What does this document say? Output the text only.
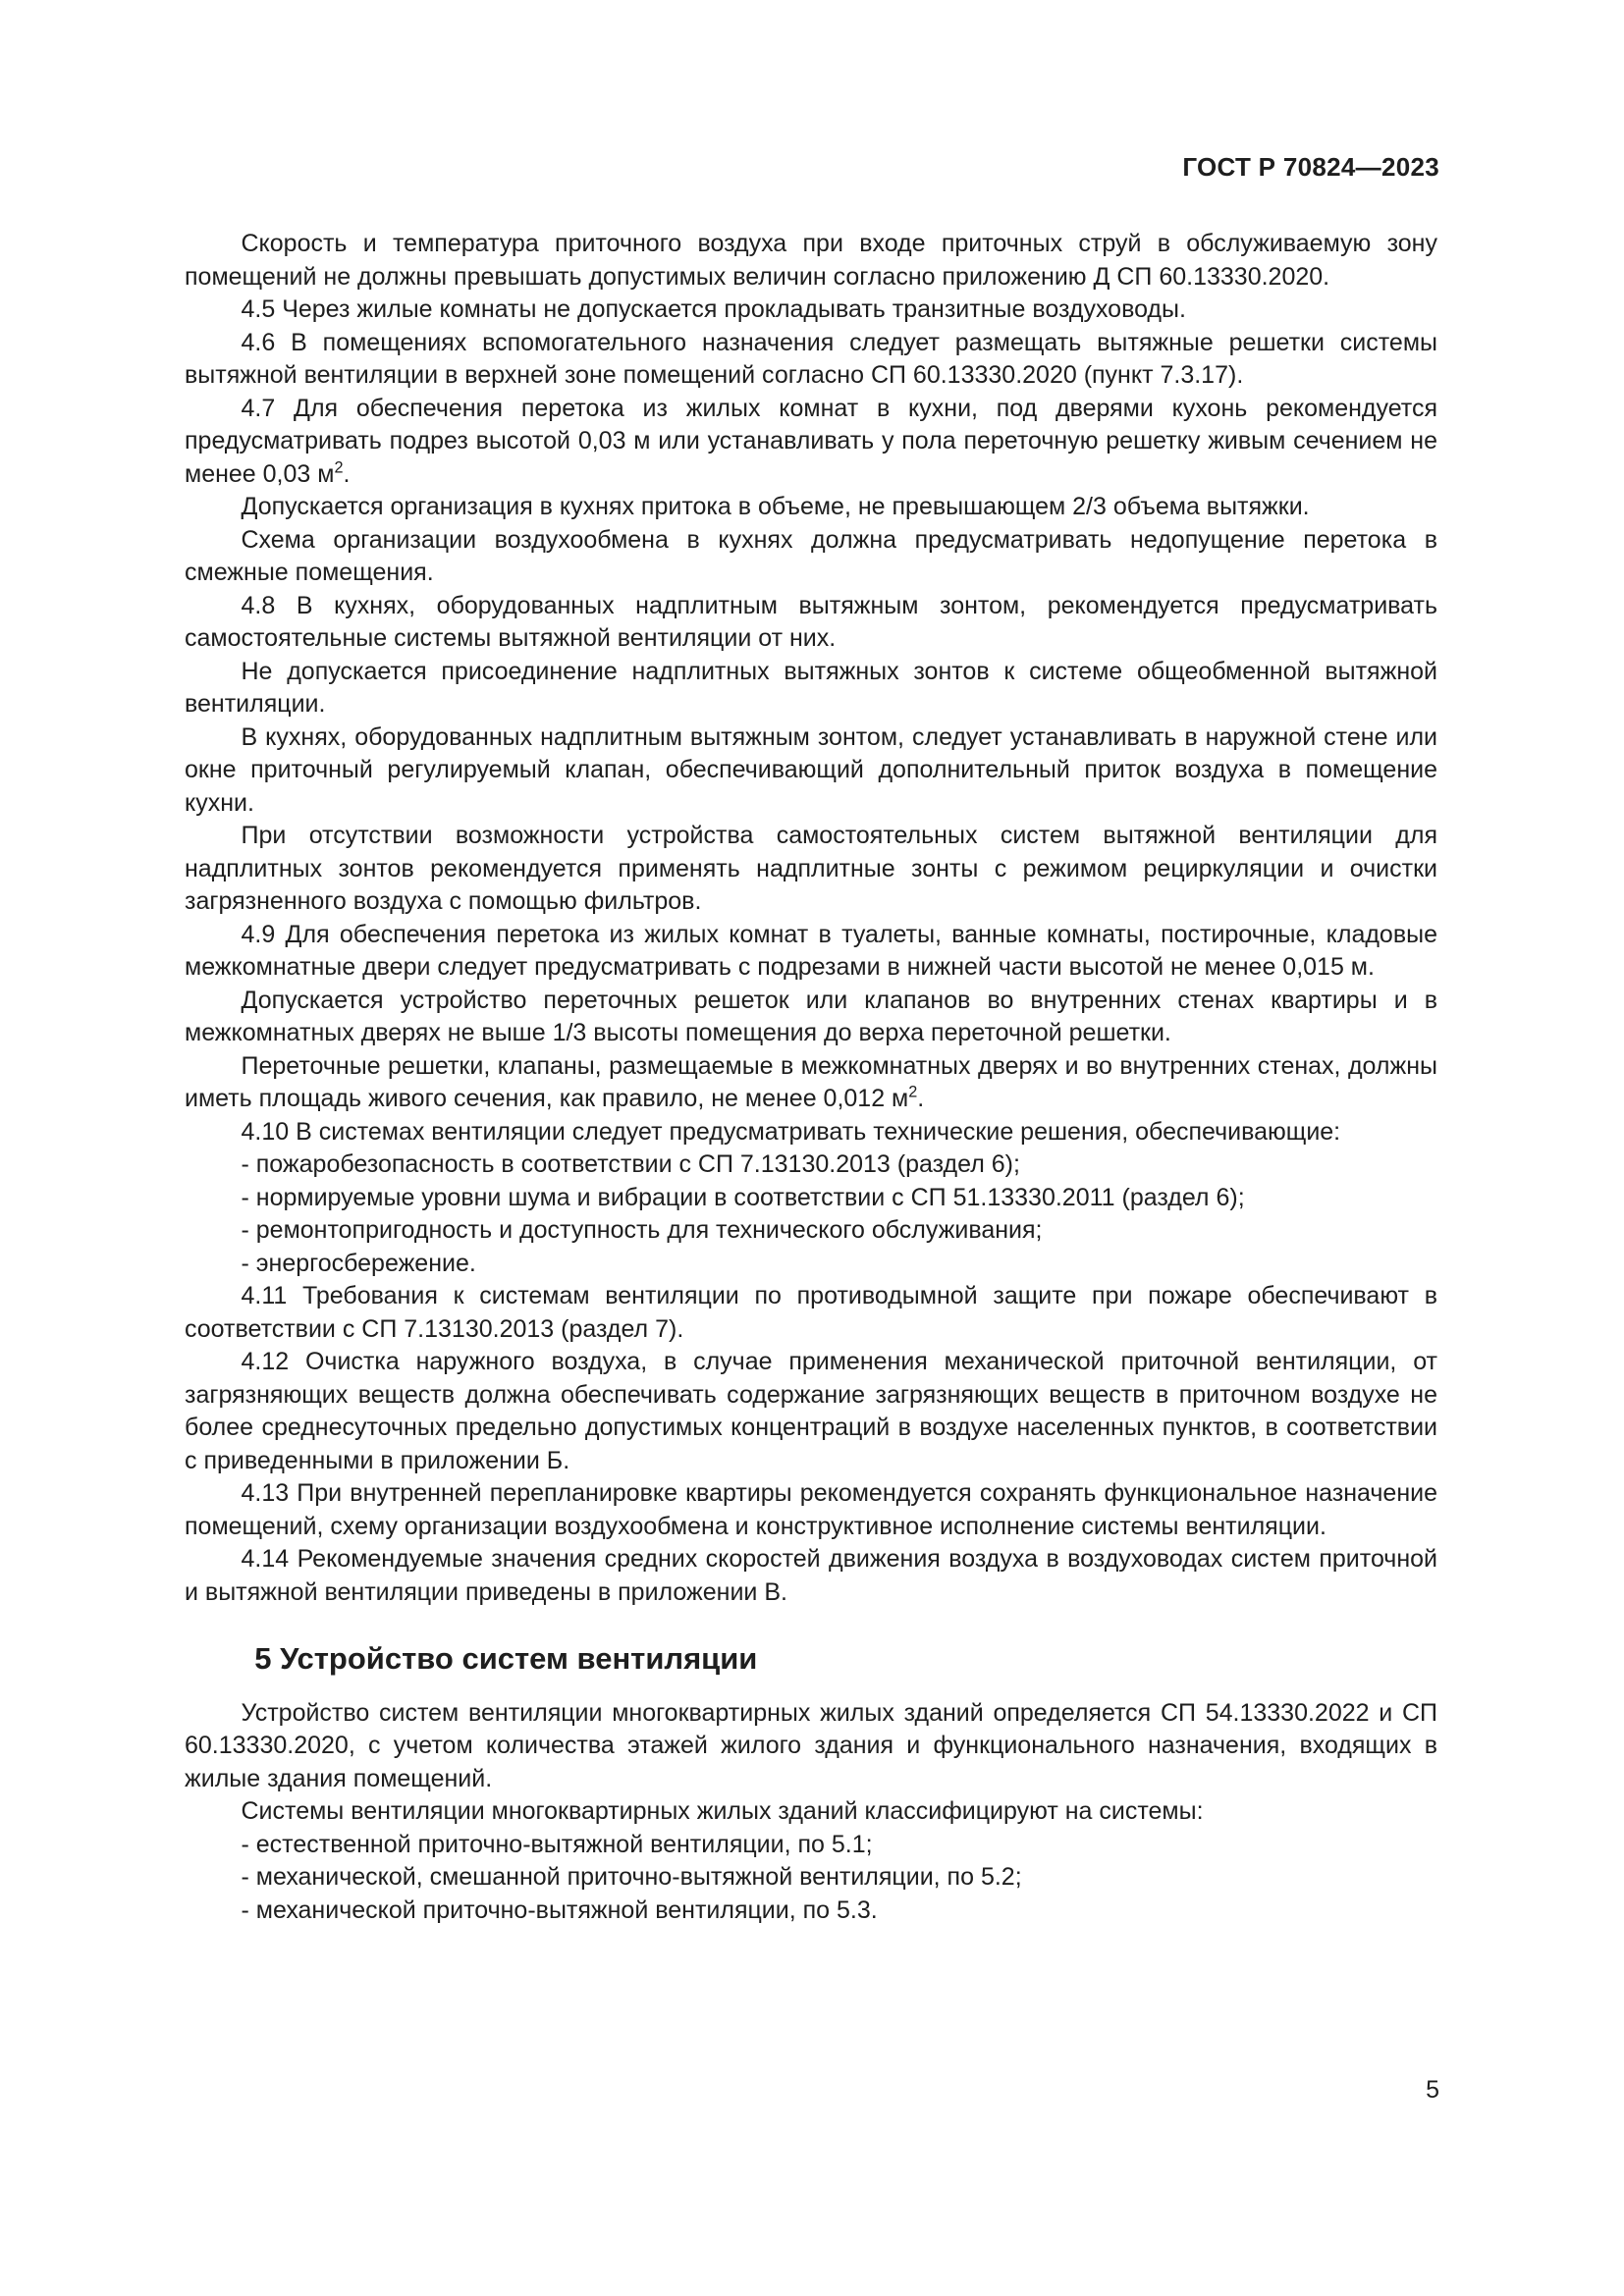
ГОСТ Р 70824—2023

Скорость и температура приточного воздуха при входе приточных струй в обслуживаемую зону помещений не должны превышать допустимых величин согласно приложению Д СП 60.13330.2020.

4.5 Через жилые комнаты не допускается прокладывать транзитные воздуховоды.

4.6 В помещениях вспомогательного назначения следует размещать вытяжные решетки системы вытяжной вентиляции в верхней зоне помещений согласно СП 60.13330.2020 (пункт 7.3.17).

4.7 Для обеспечения перетока из жилых комнат в кухни, под дверями кухонь рекомендуется предусматривать подрез высотой 0,03 м или устанавливать у пола переточную решетку живым сечением не менее 0,03 $м^2$.

Допускается организация в кухнях притока в объеме, не превышающем 2/3 объема вытяжки.

Схема организации воздухообмена в кухнях должна предусматривать недопущение перетока в смежные помещения.

4.8 В кухнях, оборудованных надплитным вытяжным зонтом, рекомендуется предусматривать самостоятельные системы вытяжной вентиляции от них.

Не допускается присоединение надплитных вытяжных зонтов к системе общеобменной вытяжной вентиляции.

В кухнях, оборудованных надплитным вытяжным зонтом, следует устанавливать в наружной стене или окне приточный регулируемый клапан, обеспечивающий дополнительный приток воздуха в помещение кухни.

При отсутствии возможности устройства самостоятельных систем вытяжной вентиляции для надплитных зонтов рекомендуется применять надплитные зонты с режимом рециркуляции и очистки загрязненного воздуха с помощью фильтров.

4.9 Для обеспечения перетока из жилых комнат в туалеты, ванные комнаты, постирочные, кладовые межкомнатные двери следует предусматривать с подрезами в нижней части высотой не менее 0,015 м.

Допускается устройство переточных решеток или клапанов во внутренних стенах квартиры и в межкомнатных дверях не выше 1/3 высоты помещения до верха переточной решетки.

Переточные решетки, клапаны, размещаемые в межкомнатных дверях и во внутренних стенах, должны иметь площадь живого сечения, как правило, не менее 0,012 $м^2$.

4.10 В системах вентиляции следует предусматривать технические решения, обеспечивающие:

- пожаробезопасность в соответствии с СП 7.13130.2013 (раздел 6);

- нормируемые уровни шума и вибрации в соответствии с СП 51.13330.2011 (раздел 6);

- ремонтопригодность и доступность для технического обслуживания;

- энергосбережение.

4.11 Требования к системам вентиляции по противодымной защите при пожаре обеспечивают в соответствии с СП 7.13130.2013 (раздел 7).

4.12 Очистка наружного воздуха, в случае применения механической приточной вентиляции, от загрязняющих веществ должна обеспечивать содержание загрязняющих веществ в приточном воздухе не более среднесуточных предельно допустимых концентраций в воздухе населенных пунктов, в соответствии с приведенными в приложении Б.

4.13 При внутренней перепланировке квартиры рекомендуется сохранять функциональное назначение помещений, схему организации воздухообмена и конструктивное исполнение системы вентиляции.

4.14 Рекомендуемые значения средних скоростей движения воздуха в воздуховодах систем приточной и вытяжной вентиляции приведены в приложении В.

5 Устройство систем вентиляции

Устройство систем вентиляции многоквартирных жилых зданий определяется СП 54.13330.2022 и СП 60.13330.2020, с учетом количества этажей жилого здания и функционального назначения, входящих в жилые здания помещений.

Системы вентиляции многоквартирных жилых зданий классифицируют на системы:

- естественной приточно-вытяжной вентиляции, по 5.1;

- механической, смешанной приточно-вытяжной вентиляции, по 5.2;

- механической приточно-вытяжной вентиляции, по 5.3.

5
